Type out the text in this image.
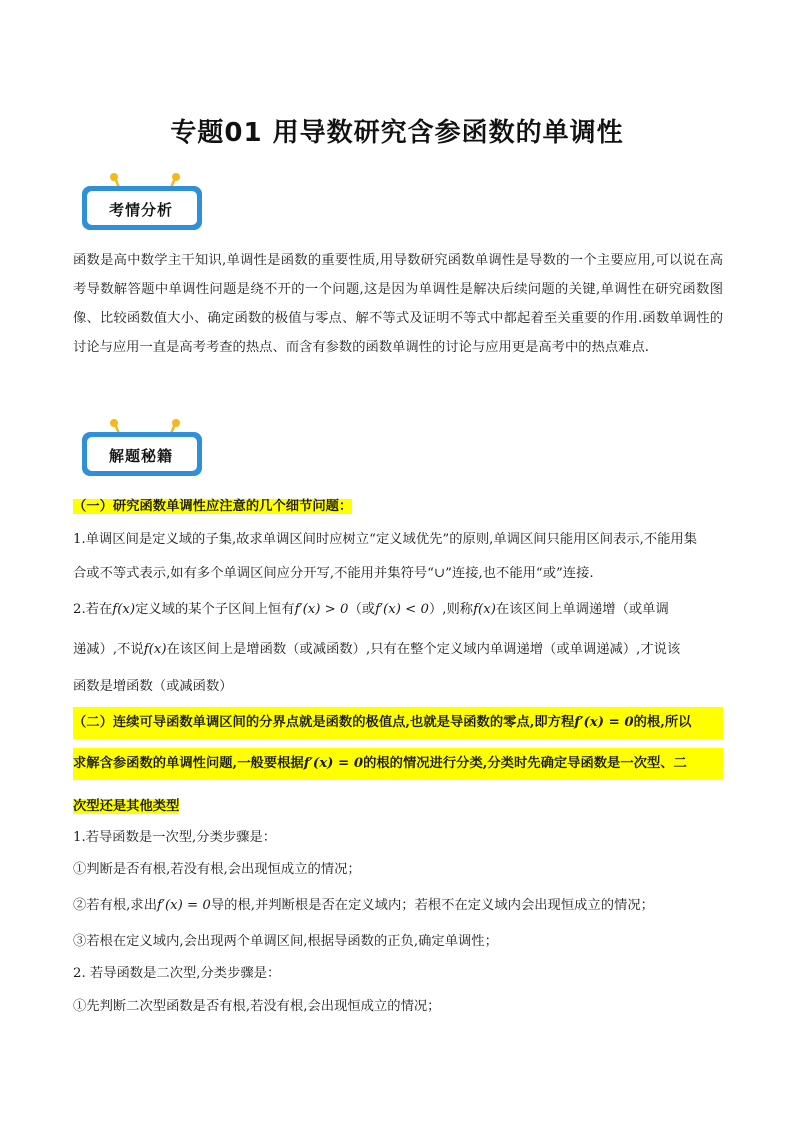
专题01 用导数研究含参函数的单调性
考情分析
函数是高中数学主干知识,单调性是函数的重要性质,用导数研究函数单调性是导数的一个主要应用,可以说在高考导数解答题中单调性问题是绕不开的一个问题,这是因为单调性是解决后续问题的关键,单调性在研究函数图像、比较函数值大小、确定函数的极值与零点、解不等式及证明不等式中都起着至关重要的作用.函数单调性的讨论与应用一直是高考考查的热点、而含有参数的函数单调性的讨论与应用更是高考中的热点难点.
解题秘籍
（一）研究函数单调性应注意的几个细节问题：
1.单调区间是定义域的子集,故求单调区间时应树立“定义域优先”的原则,单调区间只能用区间表示,不能用集
合或不等式表示,如有多个单调区间应分开写,不能用并集符号“∪”连接,也不能用“或”连接.
2.若在f(x)定义域的某个子区间上恒有f′(x) > 0（或f′(x) < 0）,则称f(x)在该区间上单调递增（或单调
递减）,不说f(x)在该区间上是增函数（或减函数）,只有在整个定义域内单调递增（或单调递减）,才说该
函数是增函数（或减函数）
（二）连续可导函数单调区间的分界点就是函数的极值点,也就是导函数的零点,即方程f′(x) = 0的根,所以
求解含参函数的单调性问题,一般要根据f′(x) = 0的根的情况进行分类,分类时先确定导函数是一次型、二
次型还是其他类型
1.若导函数是一次型,分类步骤是：
①判断是否有根,若没有根,会出现恒成立的情况；
②若有根,求出f′(x) = 0导的根,并判断根是否在定义域内；若根不在定义域内会出现恒成立的情况；
③若根在定义域内,会出现两个单调区间,根据导函数的正负,确定单调性；
2. 若导函数是二次型,分类步骤是：
①先判断二次型函数是否有根,若没有根,会出现恒成立的情况；
